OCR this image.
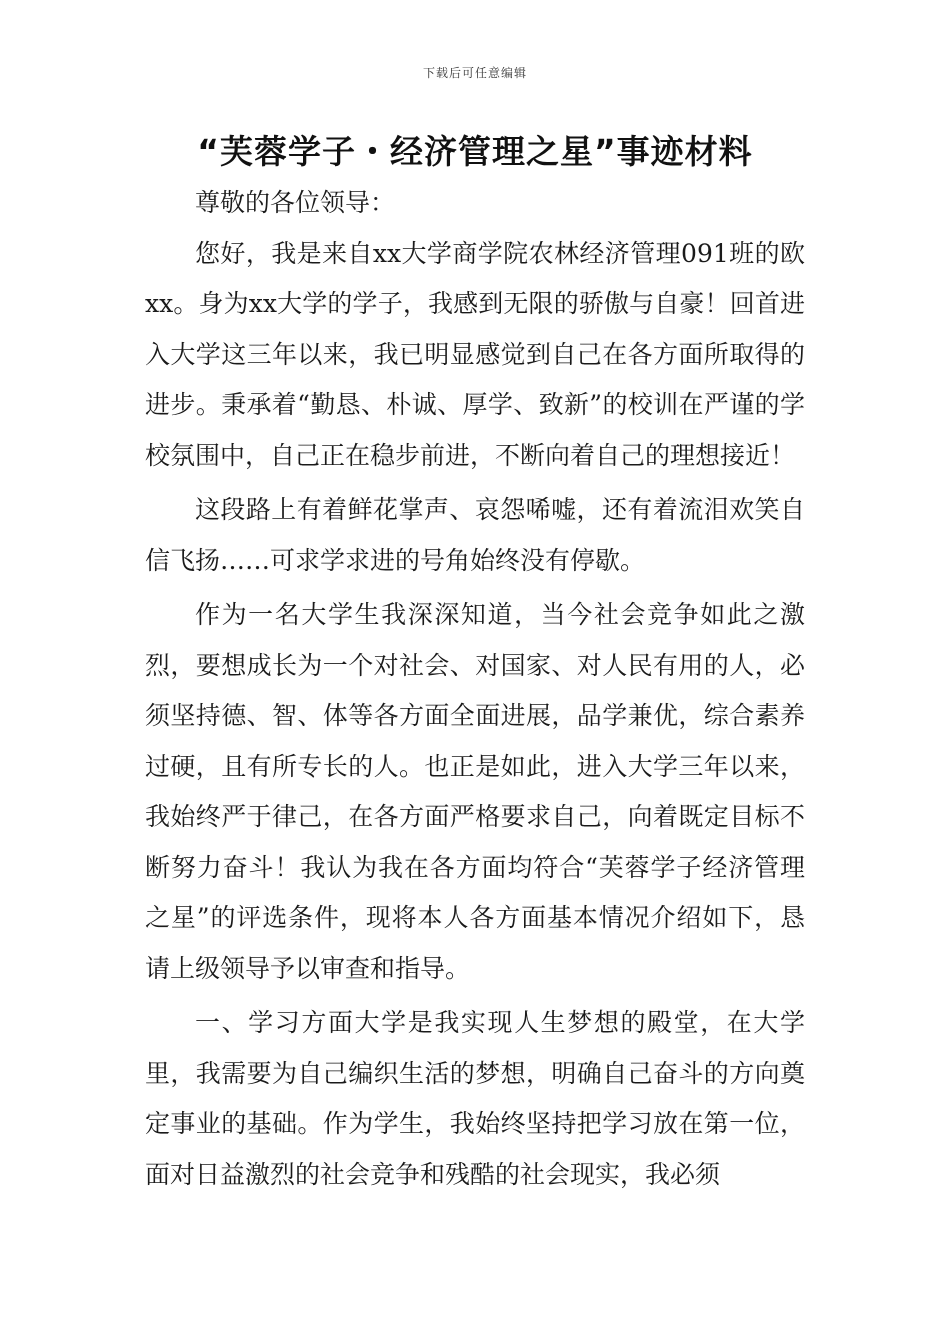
下载后可任意编辑
“芙蓉学子・经济管理之星”事迹材料

尊敬的各位领导：

您好，我是来自xx大学商学院农林经济管理091班的欧xx。身为xx大学的学子，我感到无限的骄傲与自豪！回首进入大学这三年以来，我已明显感觉到自己在各方面所取得的进步。秉承着“勤恳、朴诚、厚学、致新”的校训在严谨的学校氛围中，自己正在稳步前进，不断向着自己的理想接近！

这段路上有着鲜花掌声、哀怨唏嘘，还有着流泪欢笑自信飞扬……可求学求进的号角始终没有停歇。

作为一名大学生我深深知道，当今社会竞争如此之激烈，要想成长为一个对社会、对国家、对人民有用的人，必须坚持德、智、体等各方面全面进展，品学兼优，综合素养过硬，且有所专长的人。也正是如此，进入大学三年以来，我始终严于律己，在各方面严格要求自己，向着既定目标不断努力奋斗！我认为我在各方面均符合“芙蓉学子经济管理之星”的评选条件，现将本人各方面基本情况介绍如下，恳请上级领导予以审查和指导。

一、学习方面大学是我实现人生梦想的殿堂，在大学里，我需要为自己编织生活的梦想，明确自己奋斗的方向奠定事业的基础。作为学生，我始终坚持把学习放在第一位，面对日益激烈的社会竞争和残酷的社会现实，我必须
